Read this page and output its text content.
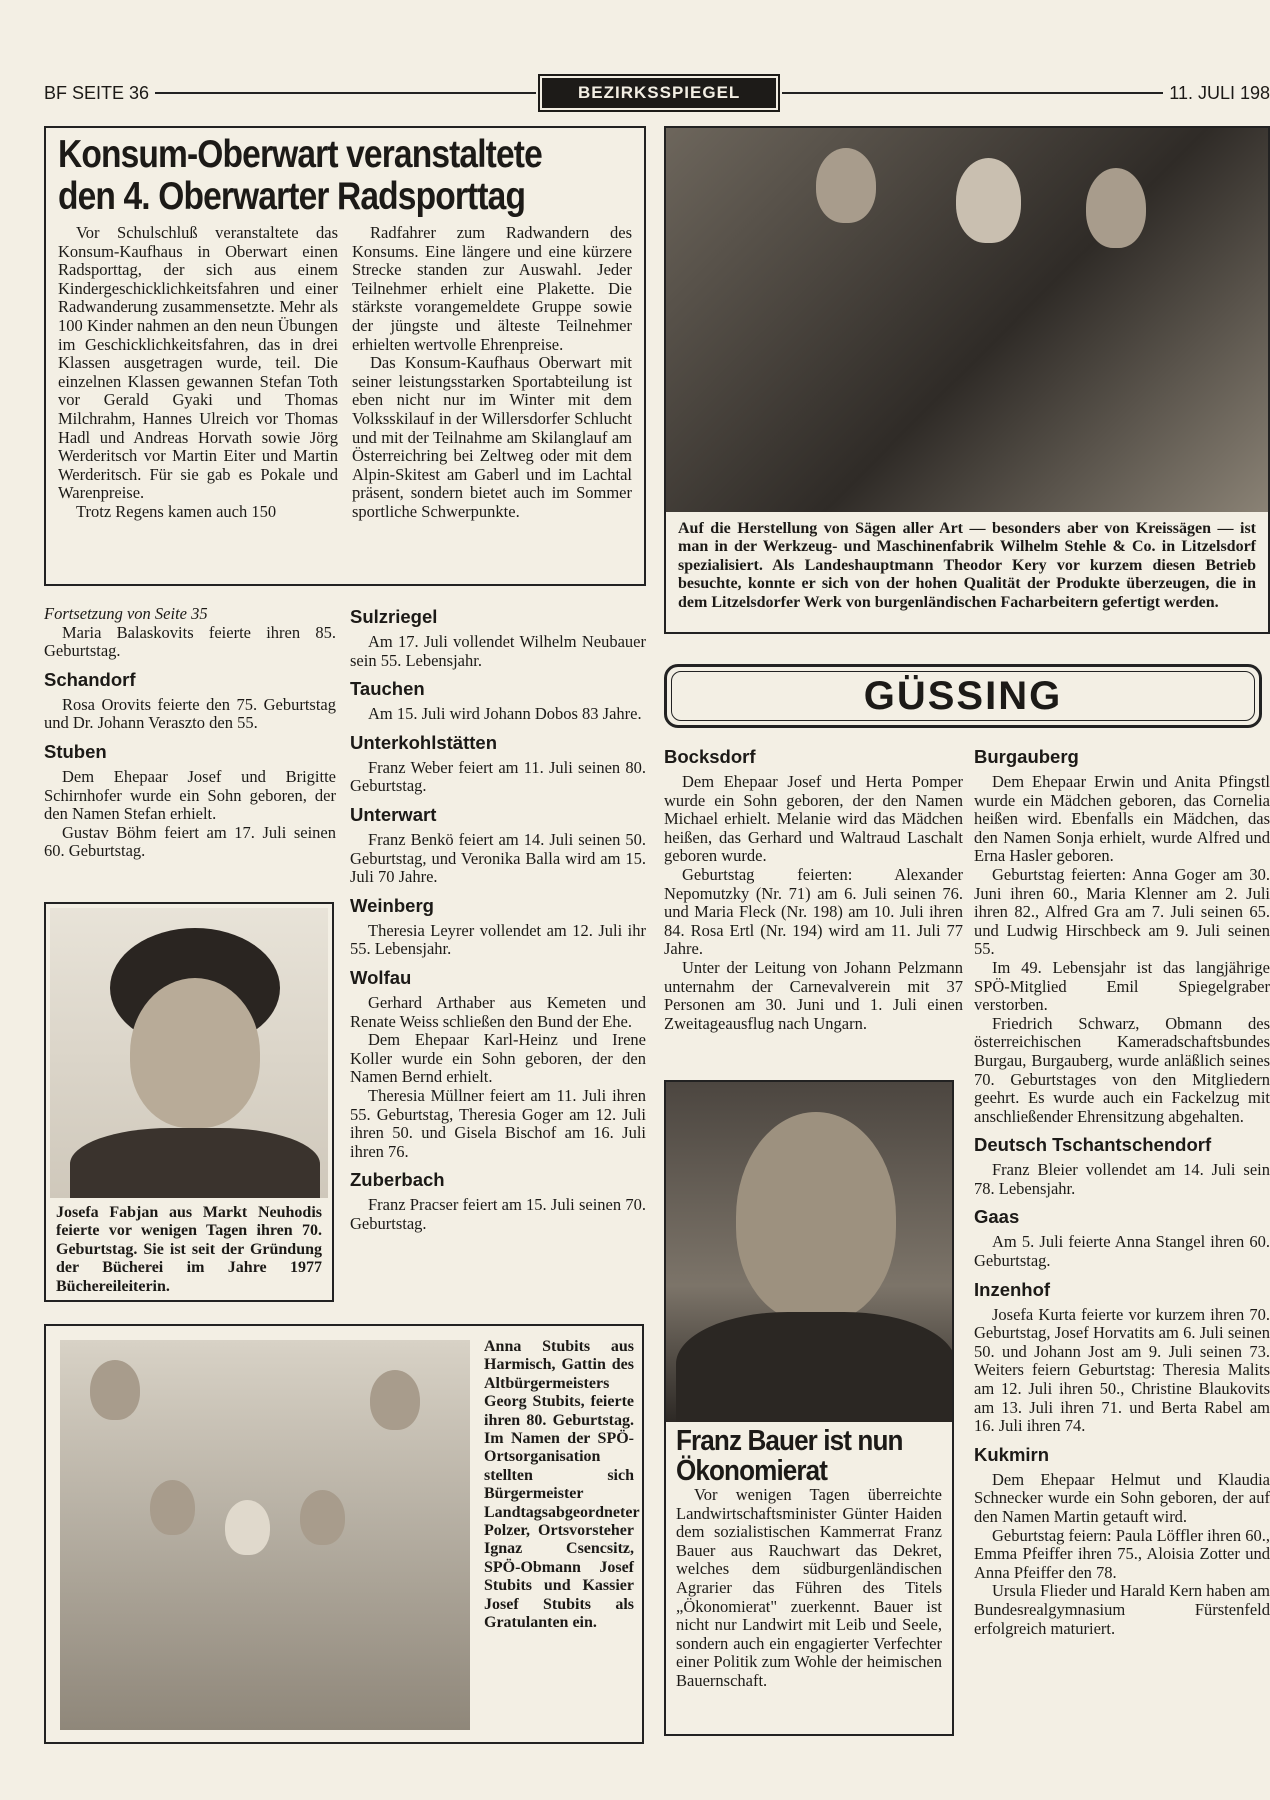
BF SEITE 36	BEZIRKSSPIEGEL	11. JULI 198
Konsum-Oberwart veranstaltete den 4. Oberwarter Radsporttag
Vor Schulschluß veranstaltete das Konsum-Kaufhaus in Oberwart einen Radsporttag, der sich aus einem Kindergeschicklichkeitsfahren und einer Radwanderung zusammensetzte. Mehr als 100 Kinder nahmen an den neun Übungen im Geschicklichkeitsfahren, das in drei Klassen ausgetragen wurde, teil. Die einzelnen Klassen gewannen Stefan Toth vor Gerald Gyaki und Thomas Milchrahm, Hannes Ulreich vor Thomas Hadl und Andreas Horvath sowie Jörg Werderitsch vor Martin Eiter und Martin Werderitsch. Für sie gab es Pokale und Warenpreise.
Trotz Regens kamen auch 150
Radfahrer zum Radwandern des Konsums. Eine längere und eine kürzere Strecke standen zur Auswahl. Jeder Teilnehmer erhielt eine Plakette. Die stärkste vorangemeldete Gruppe sowie der jüngste und älteste Teilnehmer erhielten wertvolle Ehrenpreise.
Das Konsum-Kaufhaus Oberwart mit seiner leistungsstarken Sportabteilung ist eben nicht nur im Winter mit dem Volksskilauf in der Willersdorfer Schlucht und mit der Teilnahme am Skilanglauf am Österreichring bei Zeltweg oder mit dem Alpin-Skitest am Gaberl und im Lachtal präsent, sondern bietet auch im Sommer sportliche Schwerpunkte.
Auf die Herstellung von Sägen aller Art — besonders aber von Kreissägen — ist man in der Werkzeug- und Maschinenfabrik Wilhelm Stehle & Co. in Litzelsdorf spezialisiert. Als Landeshauptmann Theodor Kery vor kurzem diesen Betrieb besuchte, konnte er sich von der hohen Qualität der Produkte überzeugen, die in dem Litzelsdorfer Werk von burgenländischen Facharbeitern gefertigt werden.
Fortsetzung von Seite 35
Maria Balaskovits feierte ihren 85. Geburtstag.
Schandorf
Rosa Orovits feierte den 75. Geburtstag und Dr. Johann Veraszto den 55.
Stuben
Dem Ehepaar Josef und Brigitte Schirnhofer wurde ein Sohn geboren, der den Namen Stefan erhielt.
Gustav Böhm feiert am 17. Juli seinen 60. Geburtstag.
Josefa Fabjan aus Markt Neuhodis feierte vor wenigen Tagen ihren 70. Geburtstag. Sie ist seit der Gründung der Bücherei im Jahre 1977 Büchereileiterin.
Sulzriegel
Am 17. Juli vollendet Wilhelm Neubauer sein 55. Lebensjahr.
Tauchen
Am 15. Juli wird Johann Dobos 83 Jahre.
Unterkohlstätten
Franz Weber feiert am 11. Juli seinen 80. Geburtstag.
Unterwart
Franz Benkö feiert am 14. Juli seinen 50. Geburtstag, und Veronika Balla wird am 15. Juli 70 Jahre.
Weinberg
Theresia Leyrer vollendet am 12. Juli ihr 55. Lebensjahr.
Wolfau
Gerhard Arthaber aus Kemeten und Renate Weiss schließen den Bund der Ehe.
Dem Ehepaar Karl-Heinz und Irene Koller wurde ein Sohn geboren, der den Namen Bernd erhielt.
Theresia Müllner feiert am 11. Juli ihren 55. Geburtstag, Theresia Goger am 12. Juli ihren 50. und Gisela Bischof am 16. Juli ihren 76.
Zuberbach
Franz Pracser feiert am 15. Juli seinen 70. Geburtstag.
Anna Stubits aus Harmisch, Gattin des Altbürgermeisters Georg Stubits, feierte ihren 80. Geburtstag. Im Namen der SPÖ-Ortsorganisation stellten sich Bürgermeister Landtagsabgeordneter Polzer, Ortsvorsteher Ignaz Csencsitz, SPÖ-Obmann Josef Stubits und Kassier Josef Stubits als Gratulanten ein.
GÜSSING
Bocksdorf
Dem Ehepaar Josef und Herta Pomper wurde ein Sohn geboren, der den Namen Michael erhielt. Melanie wird das Mädchen heißen, das Gerhard und Waltraud Laschalt geboren wurde.
Geburtstag feierten: Alexander Nepomutzky (Nr. 71) am 6. Juli seinen 76. und Maria Fleck (Nr. 198) am 10. Juli ihren 84. Rosa Ertl (Nr. 194) wird am 11. Juli 77 Jahre.
Unter der Leitung von Johann Pelzmann unternahm der Carnevalverein mit 37 Personen am 30. Juni und 1. Juli einen Zweitageausflug nach Ungarn.
Franz Bauer ist nun Ökonomierat
Vor wenigen Tagen überreichte Landwirtschaftsminister Günter Haiden dem sozialistischen Kammerrat Franz Bauer aus Rauchwart das Dekret, welches dem südburgenländischen Agrarier das Führen des Titels „Ökonomierat" zuerkennt. Bauer ist nicht nur Landwirt mit Leib und Seele, sondern auch ein engagierter Verfechter einer Politik zum Wohle der heimischen Bauernschaft.
Burgauberg
Dem Ehepaar Erwin und Anita Pfingstl wurde ein Mädchen geboren, das Cornelia heißen wird. Ebenfalls ein Mädchen, das den Namen Sonja erhielt, wurde Alfred und Erna Hasler geboren.
Geburtstag feierten: Anna Goger am 30. Juni ihren 60., Maria Klenner am 2. Juli ihren 82., Alfred Gra am 7. Juli seinen 65. und Ludwig Hirschbeck am 9. Juli seinen 55.
Im 49. Lebensjahr ist das langjährige SPÖ-Mitglied Emil Spiegelgraber verstorben.
Friedrich Schwarz, Obmann des österreichischen Kameradschaftsbundes Burgau, Burgauberg, wurde anläßlich seines 70. Geburtstages von den Mitgliedern geehrt. Es wurde auch ein Fackelzug mit anschließender Ehrensitzung abgehalten.
Deutsch Tschantschendorf
Franz Bleier vollendet am 14. Juli sein 78. Lebensjahr.
Gaas
Am 5. Juli feierte Anna Stangel ihren 60. Geburtstag.
Inzenhof
Josefa Kurta feierte vor kurzem ihren 70. Geburtstag, Josef Horvatits am 6. Juli seinen 50. und Johann Jost am 9. Juli seinen 73. Weiters feiern Geburtstag: Theresia Malits am 12. Juli ihren 50., Christine Blaukovits am 13. Juli ihren 71. und Berta Rabel am 16. Juli ihren 74.
Kukmirn
Dem Ehepaar Helmut und Klaudia Schnecker wurde ein Sohn geboren, der auf den Namen Martin getauft wird.
Geburtstag feiern: Paula Löffler ihren 60., Emma Pfeiffer ihren 75., Aloisia Zotter und Anna Pfeiffer den 78.
Ursula Flieder und Harald Kern haben am Bundesrealgymnasium Fürstenfeld erfolgreich maturiert.
